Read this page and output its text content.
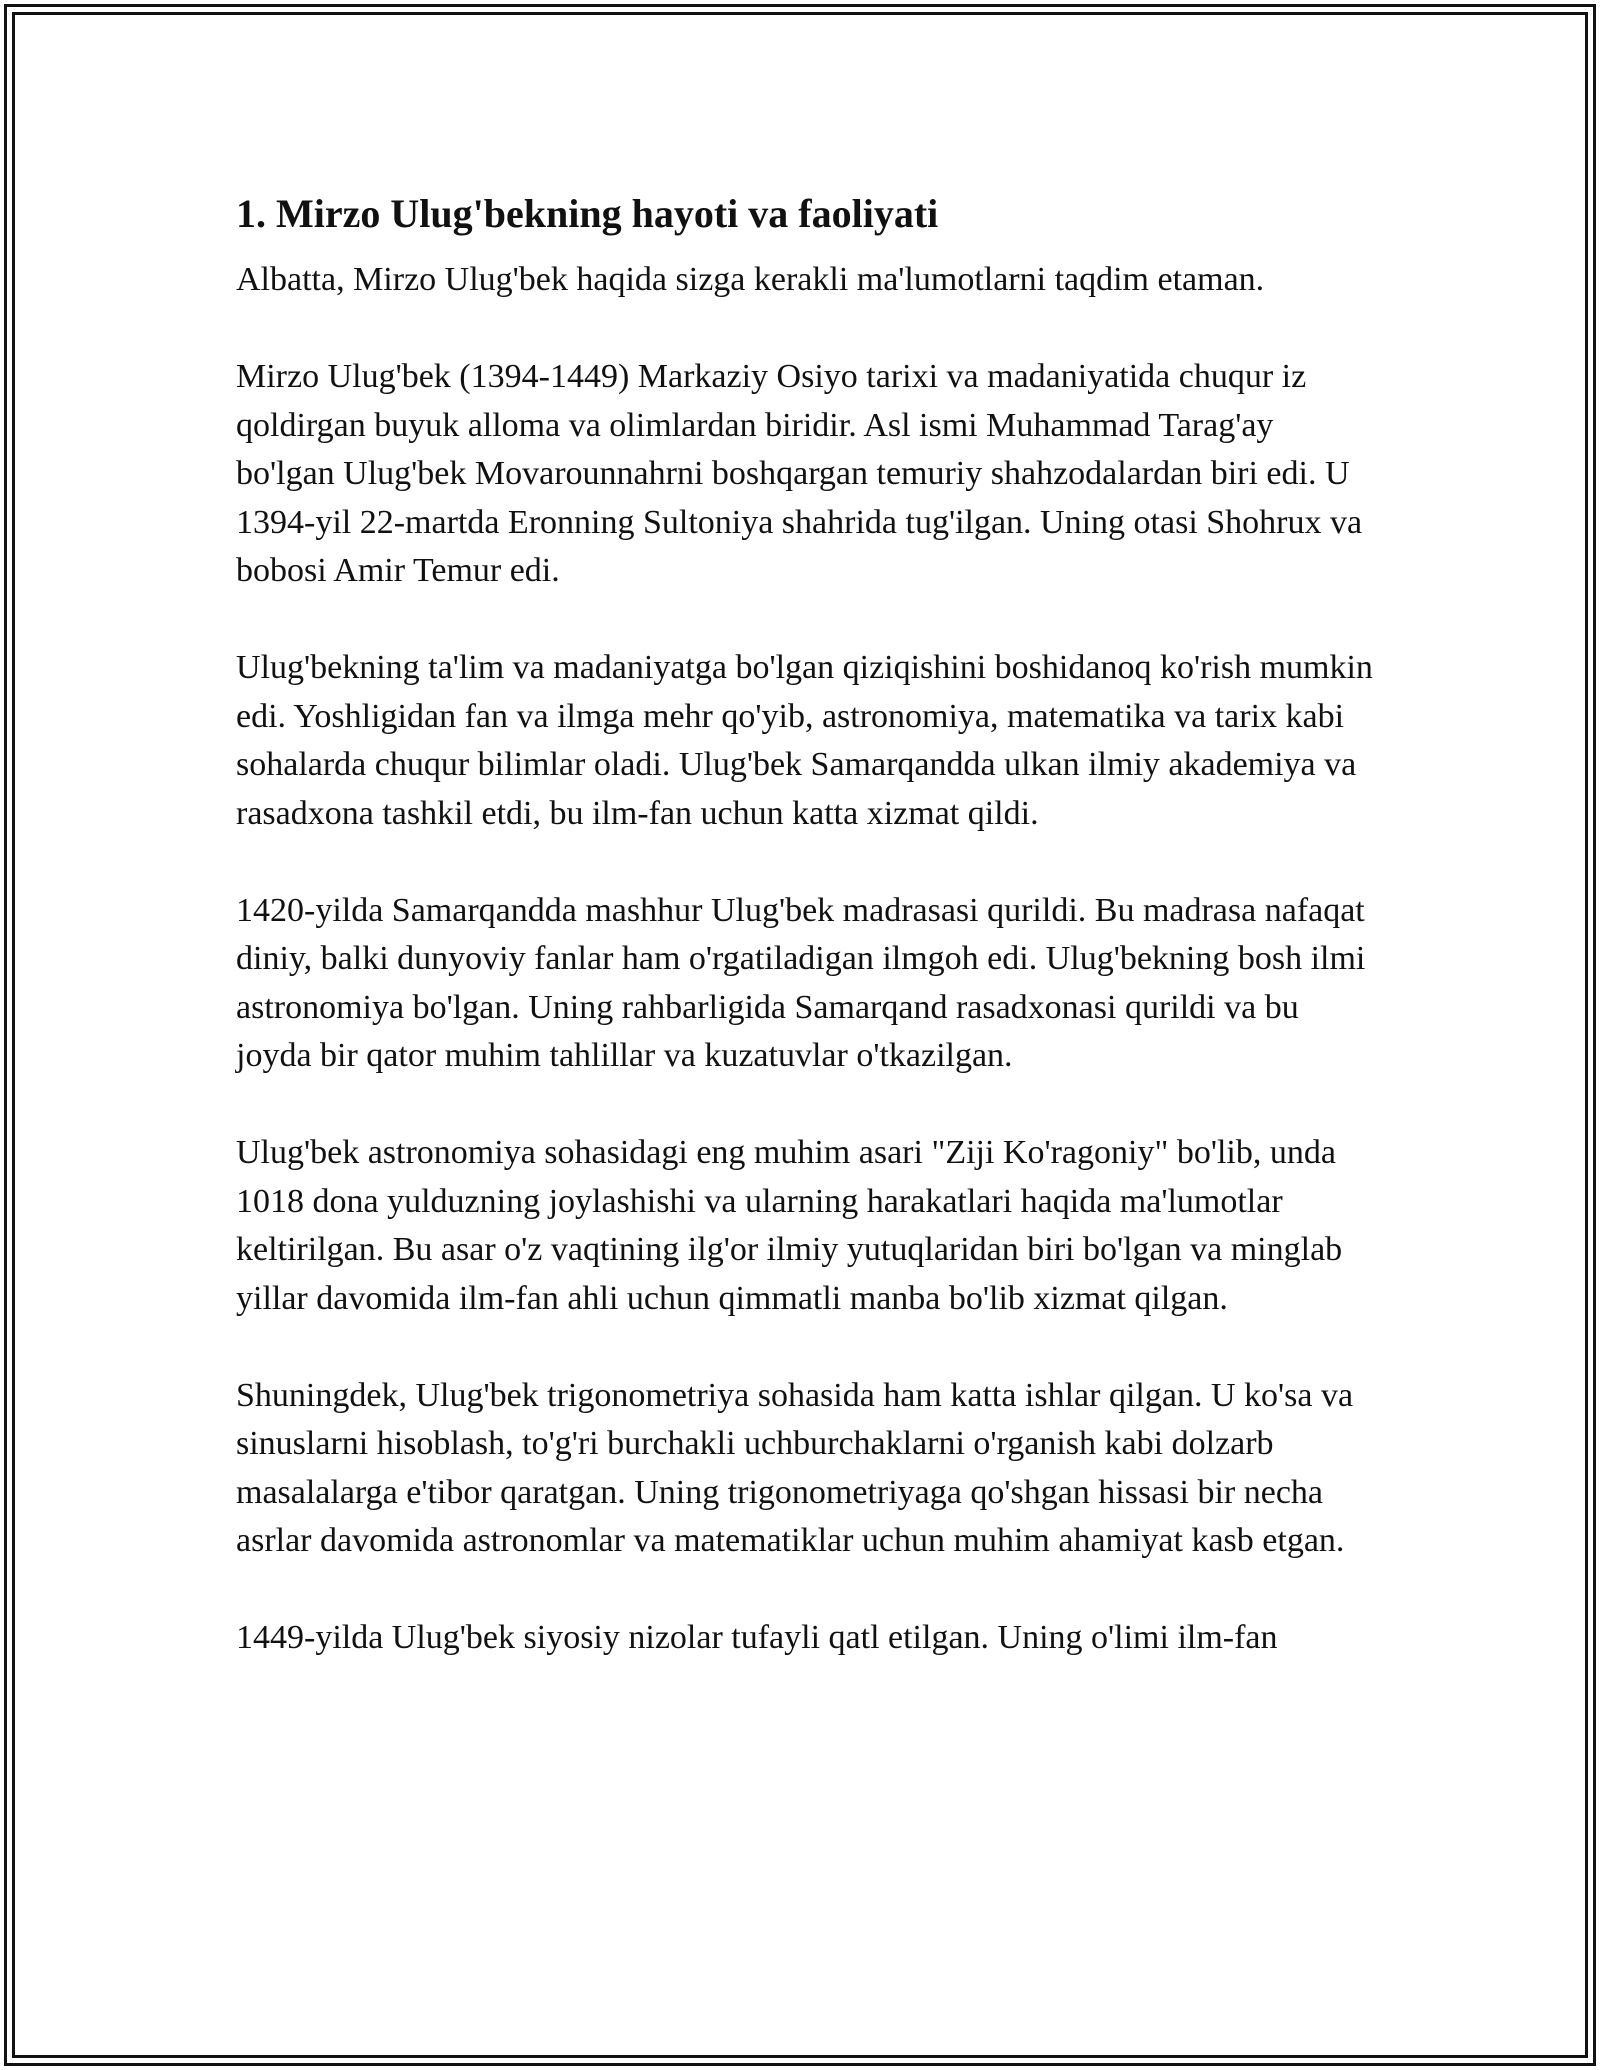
1. Mirzo Ulug'bekning hayoti va faoliyati

Albatta, Mirzo Ulug'bek haqida sizga kerakli ma'lumotlarni taqdim etaman.

Mirzo Ulug'bek (1394-1449) Markaziy Osiyo tarixi va madaniyatida chuqur iz qoldirgan buyuk alloma va olimlardan biridir. Asl ismi Muhammad Tarag'ay bo'lgan Ulug'bek Movarounnahrni boshqargan temuriy shahzodalardan biri edi. U 1394-yil 22-martda Eronning Sultoniya shahrida tug'ilgan. Uning otasi Shohrux va bobosi Amir Temur edi.

Ulug'bekning ta'lim va madaniyatga bo'lgan qiziqishini boshidanoq ko'rish mumkin edi. Yoshligidan fan va ilmga mehr qo'yib, astronomiya, matematika va tarix kabi sohalarda chuqur bilimlar oladi. Ulug'bek Samarqandda ulkan ilmiy akademiya va rasadxona tashkil etdi, bu ilm-fan uchun katta xizmat qildi.

1420-yilda Samarqandda mashhur Ulug'bek madrasasi qurildi. Bu madrasa nafaqat diniy, balki dunyoviy fanlar ham o'rgatiladigan ilmgoh edi. Ulug'bekning bosh ilmi astronomiya bo'lgan. Uning rahbarligida Samarqand rasadxonasi qurildi va bu joyda bir qator muhim tahlillar va kuzatuvlar o'tkazilgan.

Ulug'bek astronomiya sohasidagi eng muhim asari "Ziji Ko'ragoniy" bo'lib, unda 1018 dona yulduzning joylashishi va ularning harakatlari haqida ma'lumotlar keltirilgan. Bu asar o'z vaqtining ilg'or ilmiy yutuqlaridan biri bo'lgan va minglab yillar davomida ilm-fan ahli uchun qimmatli manba bo'lib xizmat qilgan.

Shuningdek, Ulug'bek trigonometriya sohasida ham katta ishlar qilgan. U ko'sa va sinuslarni hisoblash, to'g'ri burchakli uchburchaklarni o'rganish kabi dolzarb masalalarga e'tibor qaratgan. Uning trigonometriyaga qo'shgan hissasi bir necha asrlar davomida astronomlar va matematiklar uchun muhim ahamiyat kasb etgan.

1449-yilda Ulug'bek siyosiy nizolar tufayli qatl etilgan. Uning o'limi ilm-fan
